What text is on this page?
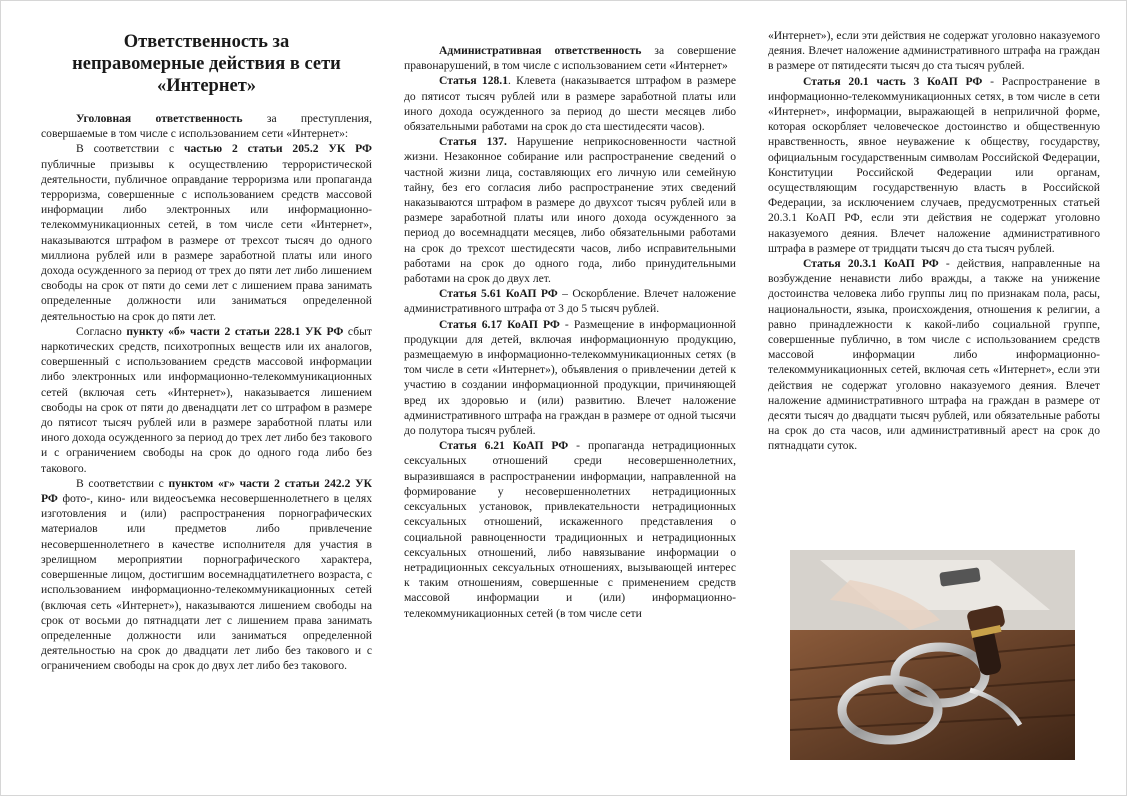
Ответственность за
неправомерные действия в сети
«Интернет»

Уголовная ответственность за преступления, совершаемые в том числе с использованием сети «Интернет»:

В соответствии с частью 2 статьи 205.2 УК РФ публичные призывы к осуществлению террористической деятельности, публичное оправдание терроризма или пропаганда терроризма, совершенные с использованием средств массовой информации либо электронных или информационно-телекоммуникационных сетей, в том числе сети «Интернет», наказываются штрафом в размере от трехсот тысяч до одного миллиона рублей или в размере заработной платы или иного дохода осужденного за период от трех до пяти лет либо лишением свободы на срок от пяти до семи лет с лишением права занимать определенные должности или заниматься определенной деятельностью на срок до пяти лет.

Согласно пункту «б» части 2 статьи 228.1 УК РФ сбыт наркотических средств, психотропных веществ или их аналогов, совершенный с использованием средств массовой информации либо электронных или информационно-телекоммуникационных сетей (включая сеть «Интернет»), наказывается лишением свободы на срок от пяти до двенадцати лет со штрафом в размере до пятисот тысяч рублей или в размере заработной платы или иного дохода осужденного за период до трех лет либо без такового и с ограничением свободы на срок до одного года либо без такового.

В соответствии с пунктом «г» части 2 статьи 242.2 УК РФ фото-, кино- или видеосъемка несовершеннолетнего в целях изготовления и (или) распространения порнографических материалов или предметов либо привлечение несовершеннолетнего в качестве исполнителя для участия в зрелищном мероприятии порнографического характера, совершенные лицом, достигшим восемнадцатилетнего возраста, с использованием информационно-телекоммуникационных сетей (включая сеть «Интернет»), наказываются лишением свободы на срок от восьми до пятнадцати лет с лишением права занимать определенные должности или заниматься определенной деятельностью на срок до двадцати лет либо без такового и с ограничением свободы на срок до двух лет либо без такового.

Административная ответственность за совершение правонарушений, в том числе с использованием сети «Интернет»

Статья 128.1. Клевета (наказывается штрафом в размере до пятисот тысяч рублей или в размере заработной платы или иного дохода осужденного за период до шести месяцев либо обязательными работами на срок до ста шестидесяти часов).

Статья 137. Нарушение неприкосновенности частной жизни. Незаконное собирание или распространение сведений о частной жизни лица, составляющих его личную или семейную тайну, без его согласия либо распространение этих сведений наказываются штрафом в размере до двухсот тысяч рублей или в размере заработной платы или иного дохода осужденного за период до восемнадцати месяцев, либо обязательными работами на срок до трехсот шестидесяти часов, либо исправительными работами на срок до одного года, либо принудительными работами на срок до двух лет.

Статья 5.61 КоАП РФ – Оскорбление. Влечет наложение административного штрафа от 3 до 5 тысяч рублей.

Статья 6.17 КоАП РФ - Размещение в информационной продукции для детей, включая информационную продукцию, размещаемую в информационно-телекоммуникационных сетях (в том числе в сети «Интернет»), объявления о привлечении детей к участию в создании информационной продукции, причиняющей вред их здоровью и (или) развитию. Влечет наложение административного штрафа на граждан в размере от одной тысячи до полутора тысяч рублей.

Статья 6.21 КоАП РФ - пропаганда нетрадиционных сексуальных отношений среди несовершеннолетних, выразившаяся в распространении информации, направленной на формирование у несовершеннолетних нетрадиционных сексуальных установок, привлекательности нетрадиционных сексуальных отношений, искаженного представления о социальной равноценности традиционных и нетрадиционных сексуальных отношений, либо навязывание информации о нетрадиционных сексуальных отношениях, вызывающей интерес к таким отношениям, совершенные с применением средств массовой информации и (или) информационно-телекоммуникационных сетей (в том числе сети

«Интернет»), если эти действия не содержат уголовно наказуемого деяния. Влечет наложение административного штрафа на граждан в размере от пятидесяти тысяч до ста тысяч рублей.

Статья 20.1 часть 3 КоАП РФ - Распространение в информационно-телекоммуникационных сетях, в том числе в сети «Интернет», информации, выражающей в неприличной форме, которая оскорбляет человеческое достоинство и общественную нравственность, явное неуважение к обществу, государству, официальным государственным символам Российской Федерации, Конституции Российской Федерации или органам, осуществляющим государственную власть в Российской Федерации, за исключением случаев, предусмотренных статьей 20.3.1 КоАП РФ, если эти действия не содержат уголовно наказуемого деяния. Влечет наложение административного штрафа в размере от тридцати тысяч до ста тысяч рублей.

Статья 20.3.1 КоАП РФ - действия, направленные на возбуждение ненависти либо вражды, а также на унижение достоинства человека либо группы лиц по признакам пола, расы, национальности, языка, происхождения, отношения к религии, а равно принадлежности к какой-либо социальной группе, совершенные публично, в том числе с использованием средств массовой информации либо информационно-телекоммуникационных сетей, включая сеть «Интернет», если эти действия не содержат уголовно наказуемого деяния. Влечет наложение административного штрафа на граждан в размере от десяти тысяч до двадцати тысяч рублей, или обязательные работы на срок до ста часов, или административный арест на срок до пятнадцати суток.
